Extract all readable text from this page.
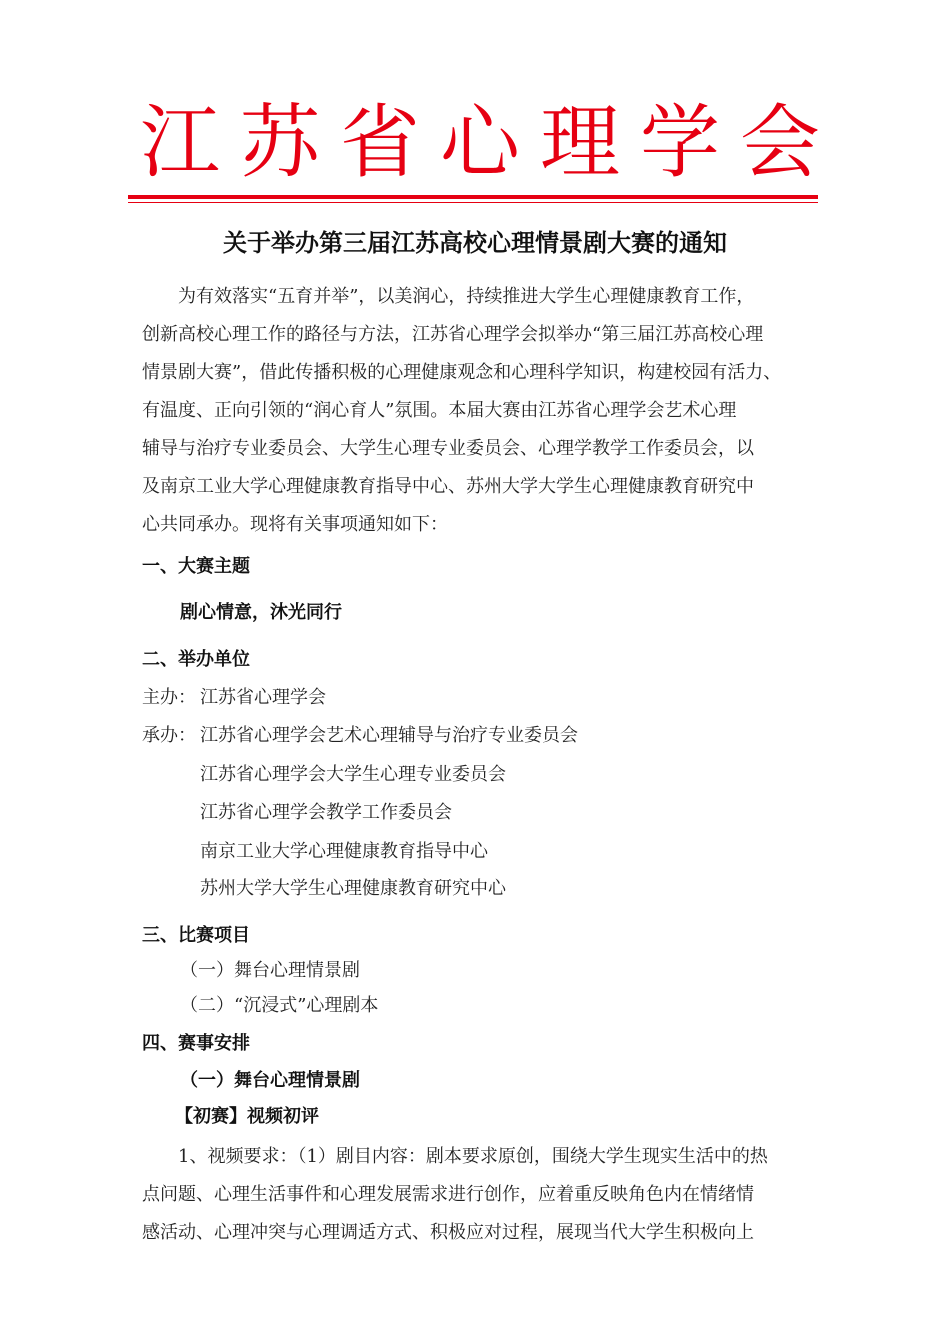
江苏省心理学会
关于举办第三届江苏高校心理情景剧大赛的通知

　　为有效落实“五育并举”，以美润心，持续推进大学生心理健康教育工作，

创新高校心理工作的路径与方法，江苏省心理学会拟举办“第三届江苏高校心理

情景剧大赛”，借此传播积极的心理健康观念和心理科学知识，构建校园有活力、

有温度、正向引领的“润心育人”氛围。本届大赛由江苏省心理学会艺术心理

辅导与治疗专业委员会、大学生心理专业委员会、心理学教学工作委员会，以

及南京工业大学心理健康教育指导中心、苏州大学大学生心理健康教育研究中

心共同承办。现将有关事项通知如下：

一、大赛主题
剧心情意，沐光同行
二、举办单位
主办： 江苏省心理学会
承办： 江苏省心理学会艺术心理辅导与治疗专业委员会
江苏省心理学会大学生心理专业委员会
江苏省心理学会教学工作委员会
南京工业大学心理健康教育指导中心
苏州大学大学生心理健康教育研究中心
三、比赛项目
（一）舞台心理情景剧
（二）“沉浸式”心理剧本
四、赛事安排
（一）舞台心理情景剧
【初赛】视频初评

　　1、视频要求：（1）剧目内容：剧本要求原创，围绕大学生现实生活中的热

点问题、心理生活事件和心理发展需求进行创作，应着重反映角色内在情绪情

感活动、心理冲突与心理调适方式、积极应对过程，展现当代大学生积极向上
